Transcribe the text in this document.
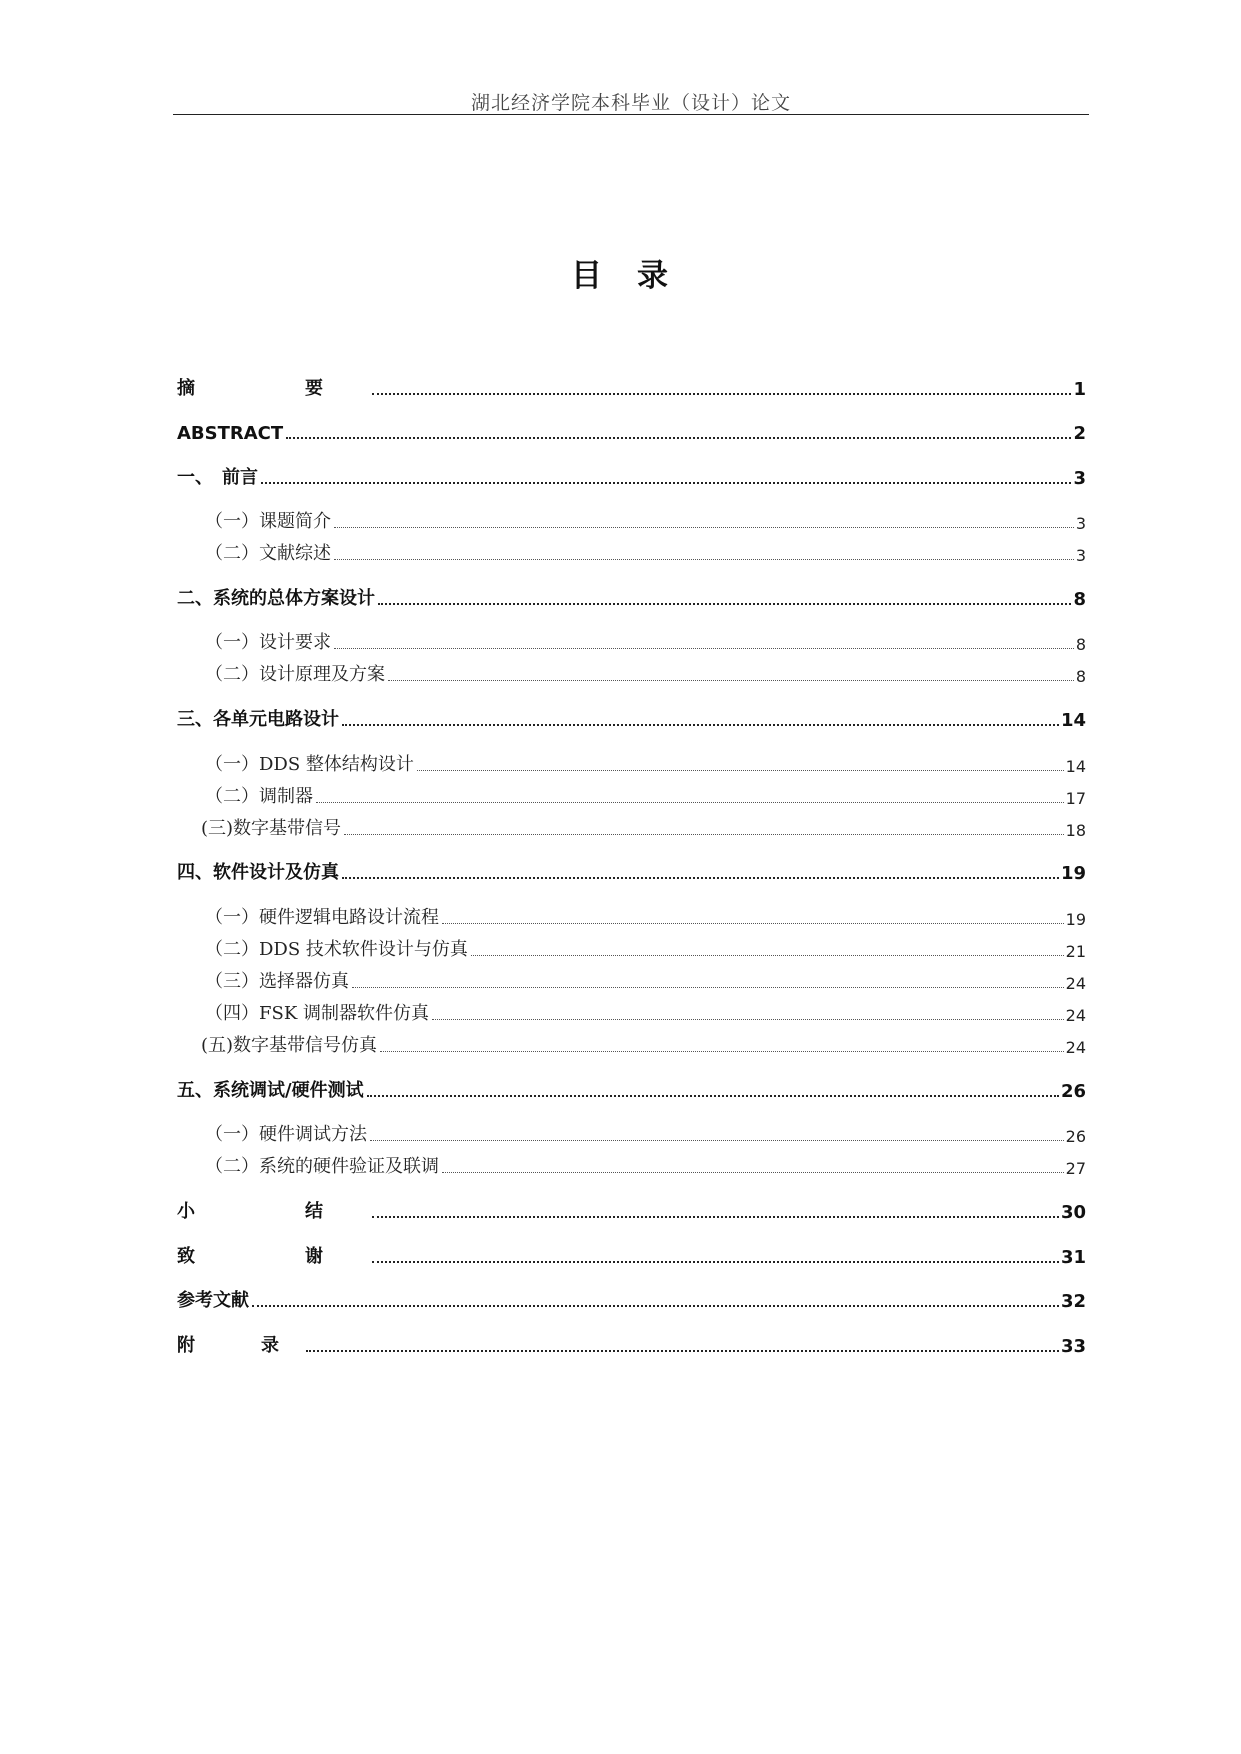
湖北经济学院本科毕业（设计）论文
目　录
摘　要	1
ABSTRACT	2
一、　前言	3
（一）课题简介	3
（二）文献综述	3
二、系统的总体方案设计	8
（一）设计要求	8
（二）设计原理及方案	8
三、各单元电路设计	14
（一）DDS 整体结构设计	14
（二）调制器	17
(三)数字基带信号	18
四、软件设计及仿真	19
（一）硬件逻辑电路设计流程	19
（二）DDS 技术软件设计与仿真	21
（三）选择器仿真	24
（四）FSK 调制器软件仿真	24
(五)数字基带信号仿真	24
五、系统调试/硬件测试	26
（一）硬件调试方法	26
（二）系统的硬件验证及联调	27
小　结	30
致　谢	31
参考文献	32
附　录	33
